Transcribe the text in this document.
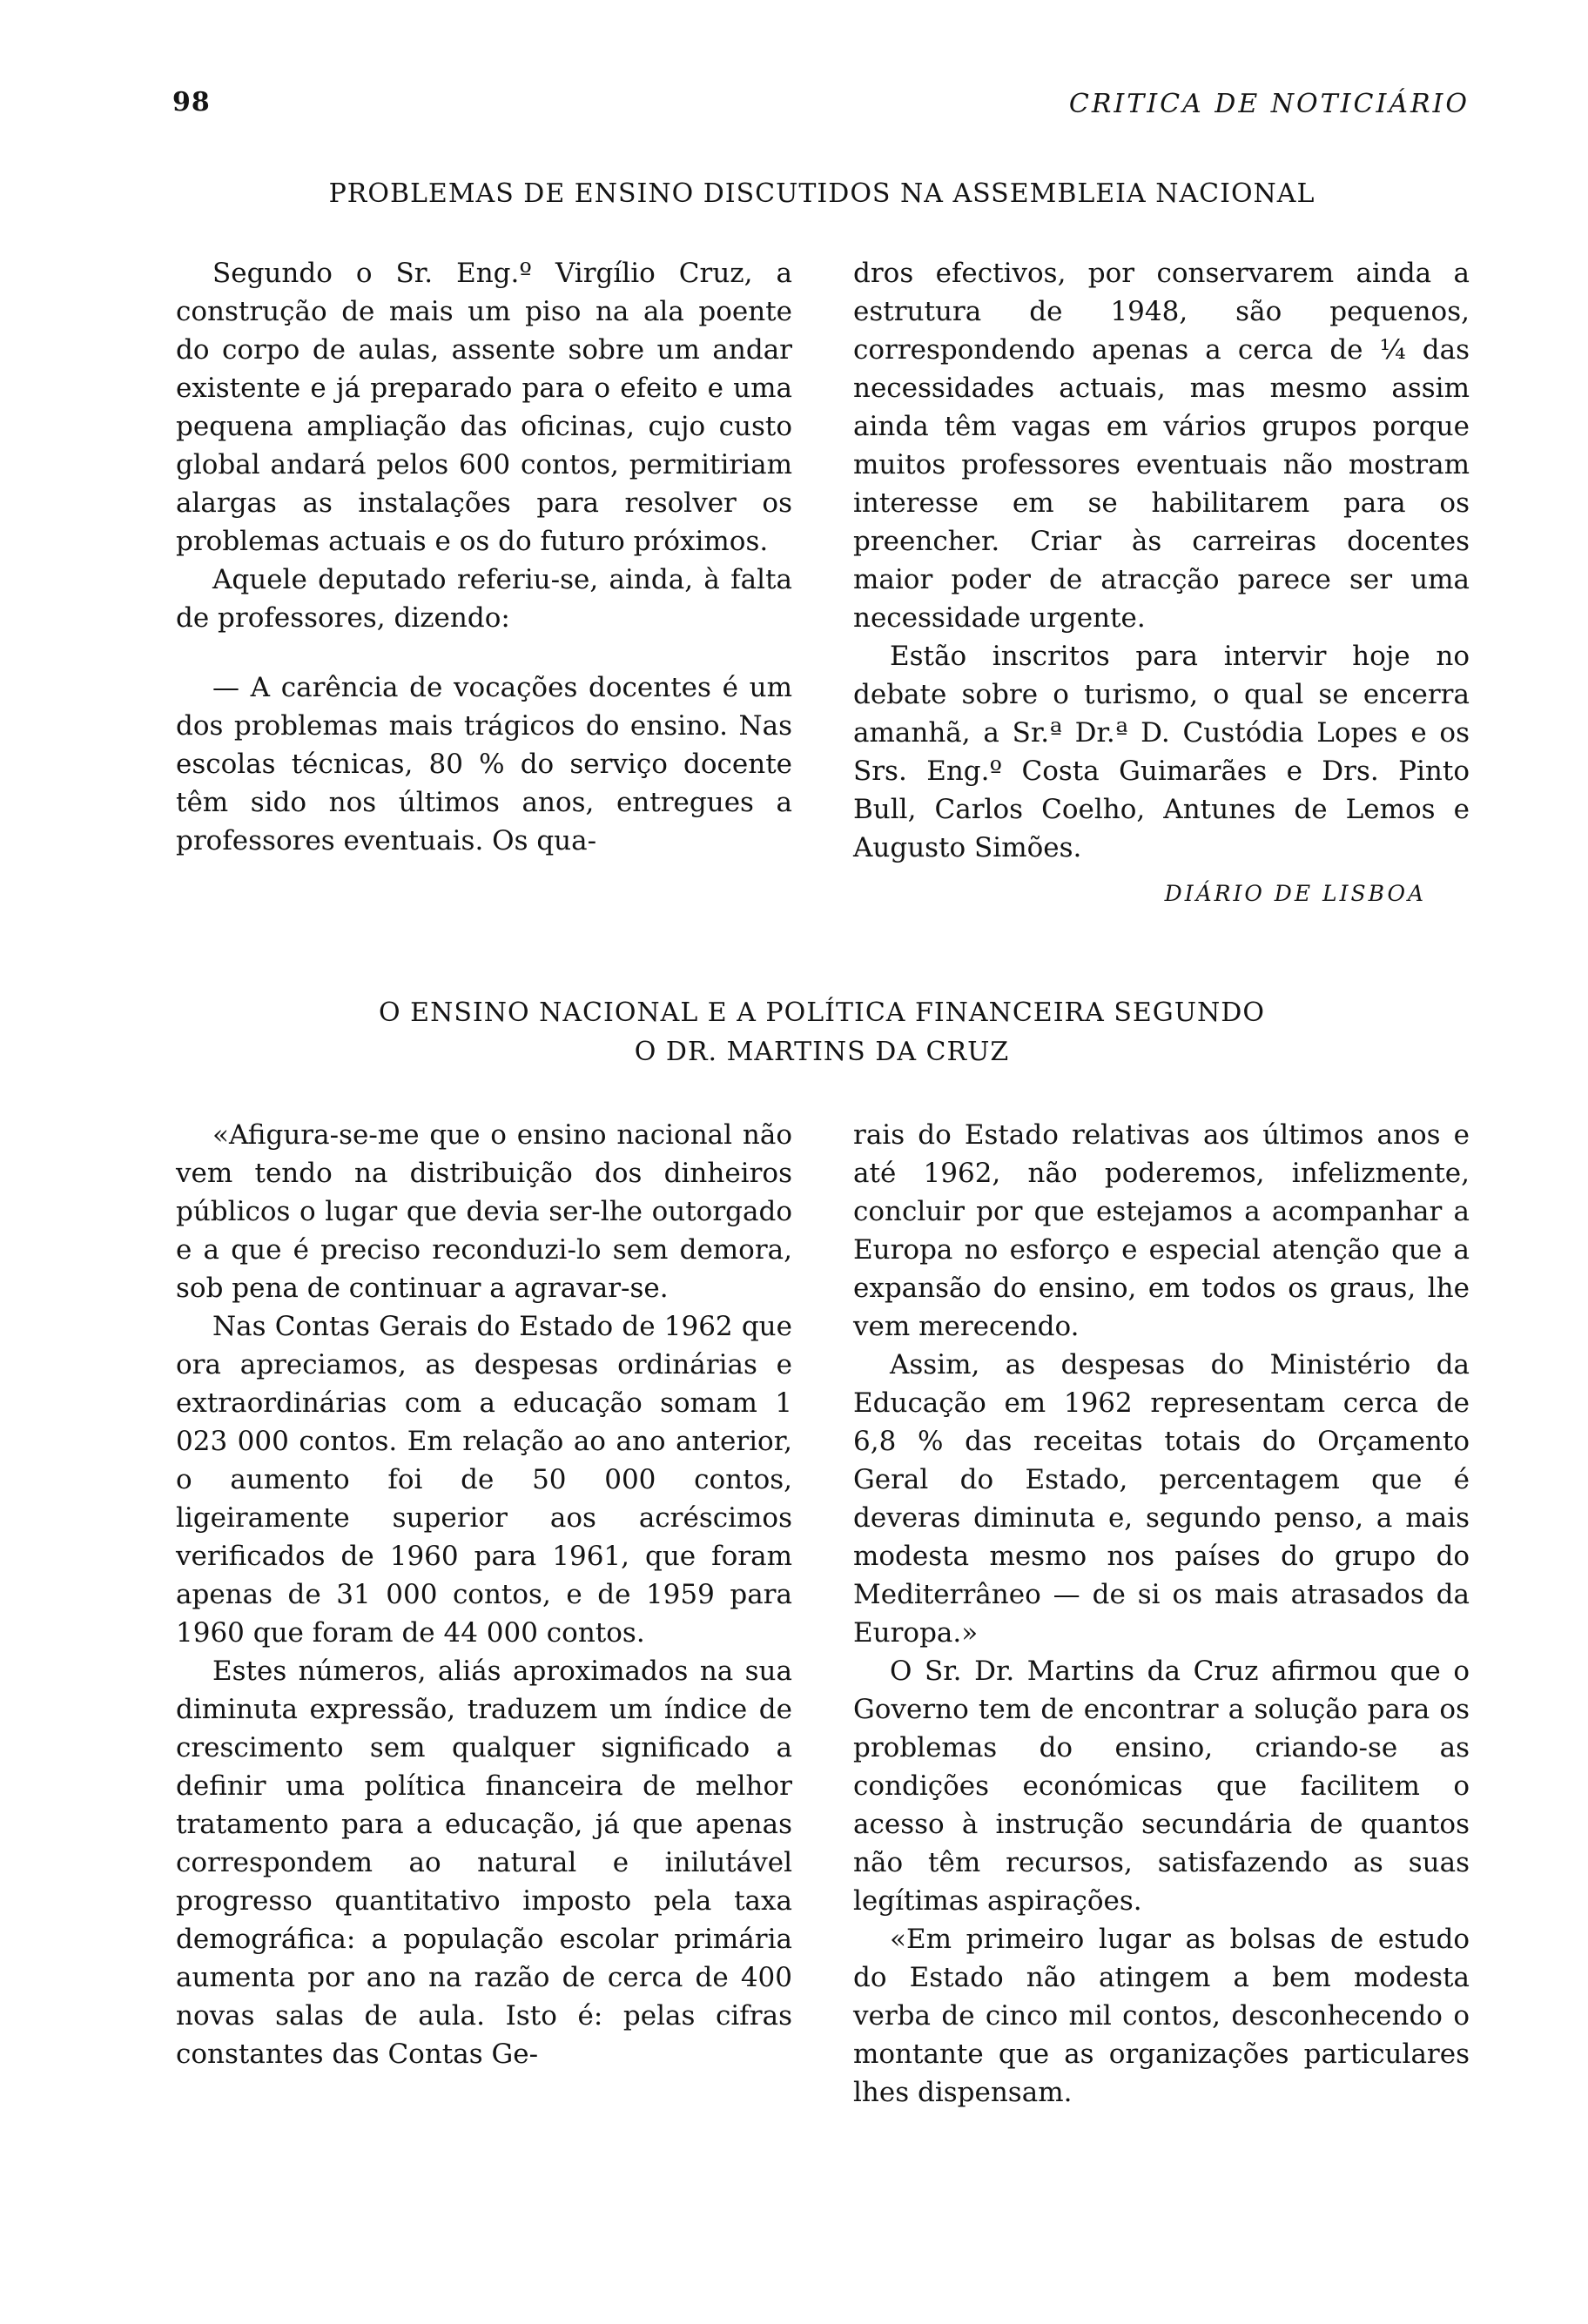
98	CRITICA DE NOTICIÁRIO
PROBLEMAS DE ENSINO DISCUTIDOS NA ASSEMBLEIA NACIONAL

Segundo o Sr. Eng.º Virgílio Cruz, a construção de mais um piso na ala poente do corpo de aulas, assente sobre um andar existente e já preparado para o efeito e uma pequena ampliação das oficinas, cujo custo global andará pelos 600 contos, permitiriam alargas as instalações para resolver os problemas actuais e os do futuro próximos.

Aquele deputado referiu-se, ainda, à falta de professores, dizendo:

— A carência de vocações docentes é um dos problemas mais trágicos do ensino. Nas escolas técnicas, 80 % do serviço docente têm sido nos últimos anos, entregues a professores eventuais. Os qua-

dros efectivos, por conservarem ainda a estrutura de 1948, são pequenos, correspondendo apenas a cerca de ¼ das necessidades actuais, mas mesmo assim ainda têm vagas em vários grupos porque muitos professores eventuais não mostram interesse em se habilitarem para os preencher. Criar às carreiras docentes maior poder de atracção parece ser uma necessidade urgente.

Estão inscritos para intervir hoje no debate sobre o turismo, o qual se encerra amanhã, a Sr.ª Dr.ª D. Custódia Lopes e os Srs. Eng.º Costa Guimarães e Drs. Pinto Bull, Carlos Coelho, Antunes de Lemos e Augusto Simões.

DIÁRIO DE LISBOA
O ENSINO NACIONAL E A POLÍTICA FINANCEIRA SEGUNDO
O DR. MARTINS DA CRUZ

«Afigura-se-me que o ensino nacional não vem tendo na distribuição dos dinheiros públicos o lugar que devia ser-lhe outorgado e a que é preciso reconduzi-lo sem demora, sob pena de continuar a agravar-se.

Nas Contas Gerais do Estado de 1962 que ora apreciamos, as despesas ordinárias e extraordinárias com a educação somam 1 023 000 contos. Em relação ao ano anterior, o aumento foi de 50 000 contos, ligeiramente superior aos acréscimos verificados de 1960 para 1961, que foram apenas de 31 000 contos, e de 1959 para 1960 que foram de 44 000 contos.

Estes números, aliás aproximados na sua diminuta expressão, traduzem um índice de crescimento sem qualquer significado a definir uma política financeira de melhor tratamento para a educação, já que apenas correspondem ao natural e inilutável progresso quantitativo imposto pela taxa demográfica: a população escolar primária aumenta por ano na razão de cerca de 400 novas salas de aula. Isto é: pelas cifras constantes das Contas Ge-

rais do Estado relativas aos últimos anos e até 1962, não poderemos, infelizmente, concluir por que estejamos a acompanhar a Europa no esforço e especial atenção que a expansão do ensino, em todos os graus, lhe vem merecendo.

Assim, as despesas do Ministério da Educação em 1962 representam cerca de 6,8 % das receitas totais do Orçamento Geral do Estado, percentagem que é deveras diminuta e, segundo penso, a mais modesta mesmo nos países do grupo do Mediterrâneo — de si os mais atrasados da Europa.»

O Sr. Dr. Martins da Cruz afirmou que o Governo tem de encontrar a solução para os problemas do ensino, criando-se as condições económicas que facilitem o acesso à instrução secundária de quantos não têm recursos, satisfazendo as suas legítimas aspirações.

«Em primeiro lugar as bolsas de estudo do Estado não atingem a bem modesta verba de cinco mil contos, desconhecendo o montante que as organizações particulares lhes dispensam.
